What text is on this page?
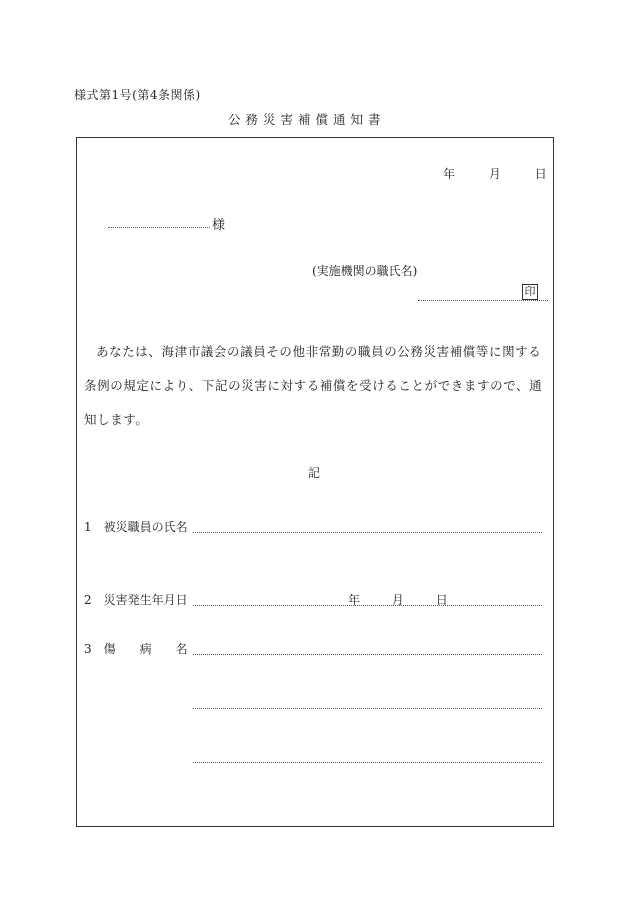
様式第1号(第4条関係)
公務災害補償通知書
年	月	日
様
(実施機関の職氏名)
印
あなたは、海津市議会の議員その他非常勤の職員の公務災害補償等に関する条例の規定により、下記の災害に対する補償を受けることができますので、通知します。
記
1　被災職員の氏名
2　災害発生年月日	年	月	日
3　傷　　病　　名
